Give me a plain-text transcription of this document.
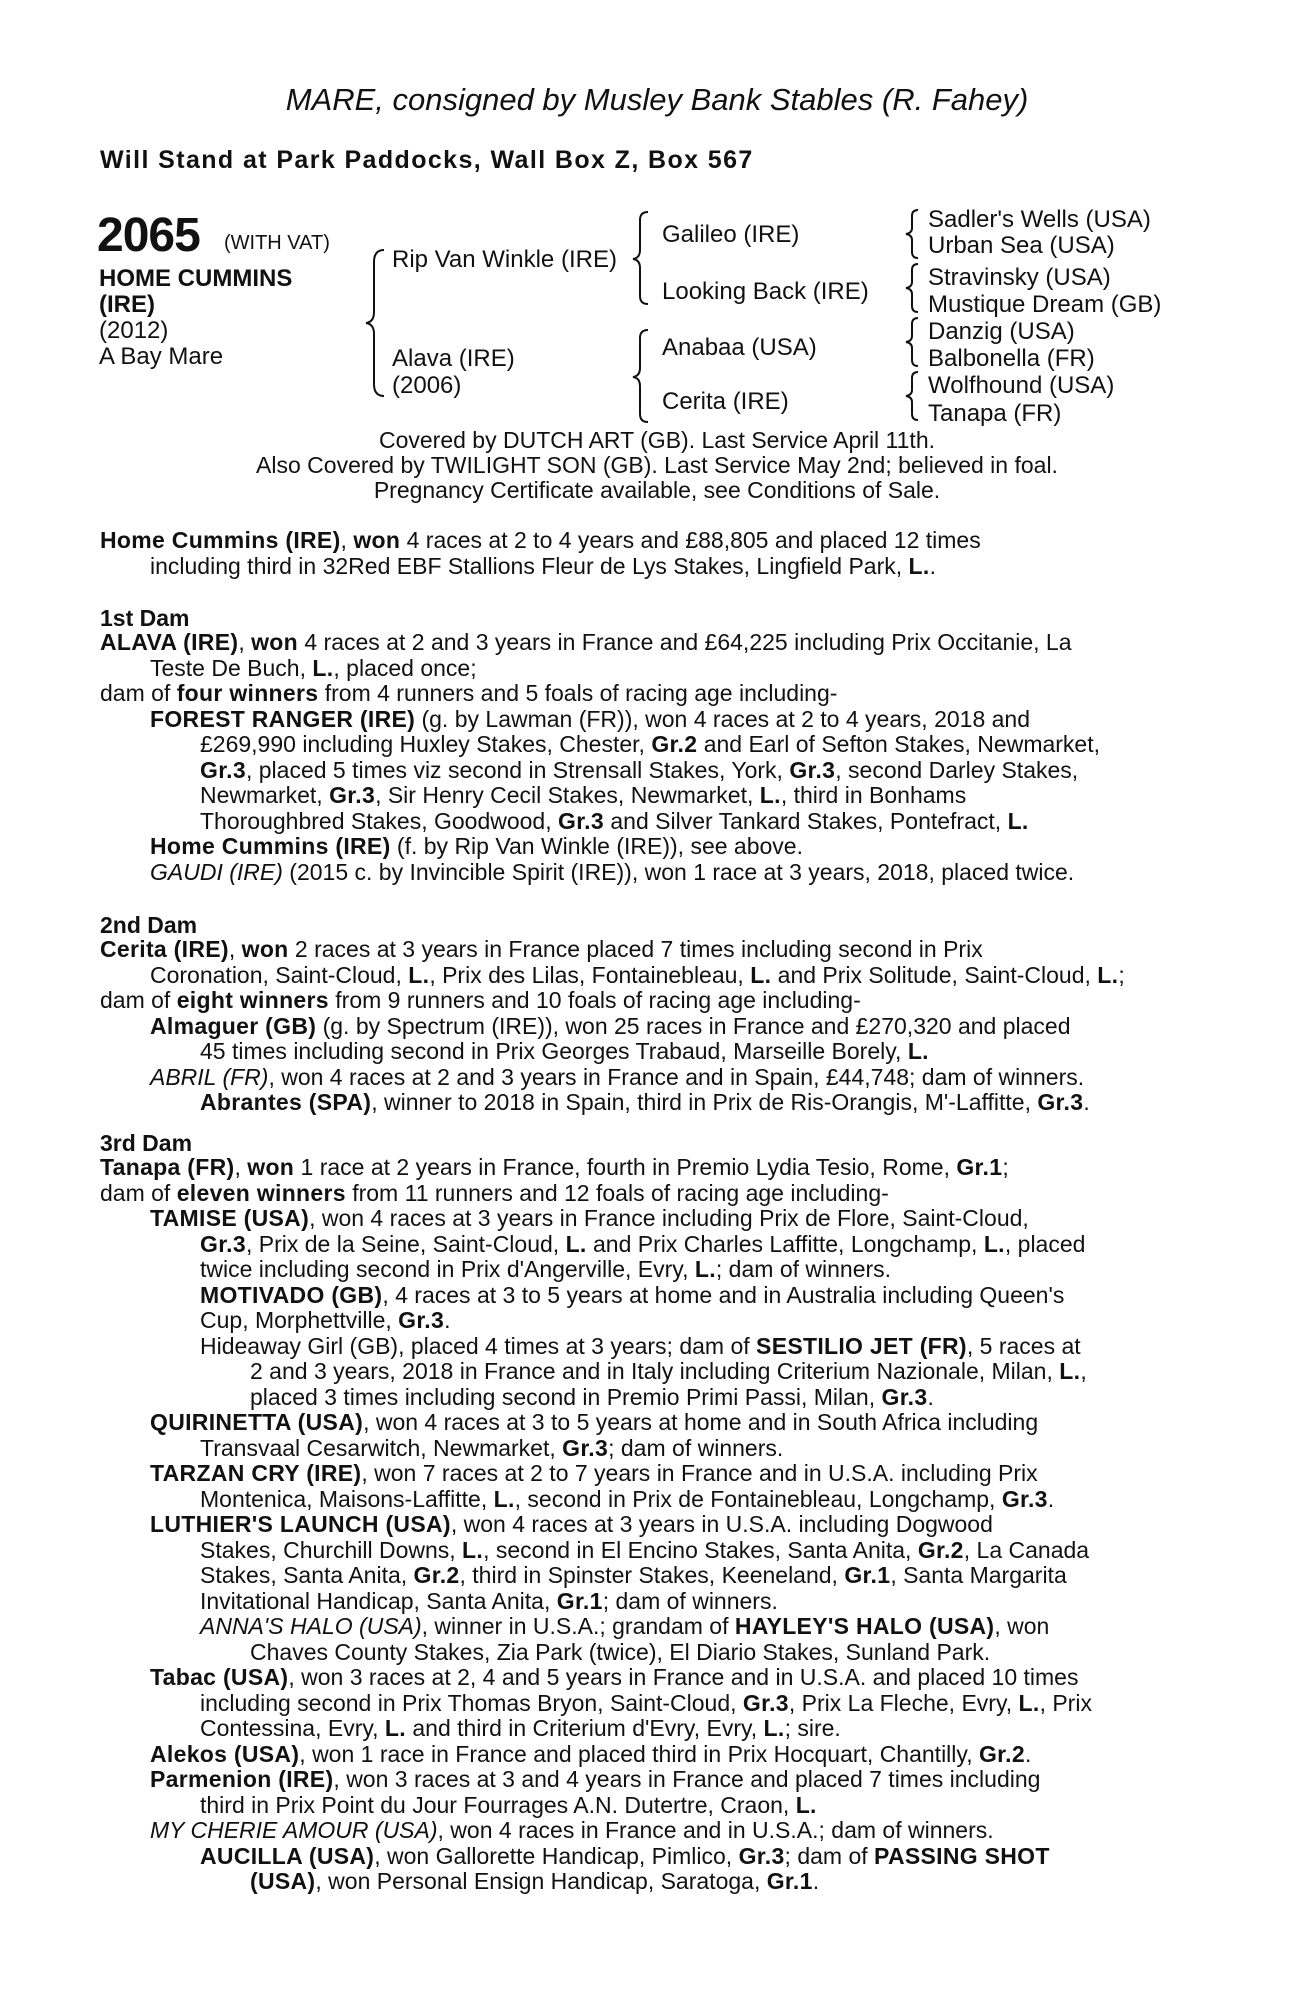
MARE, consigned by Musley Bank Stables (R. Fahey)
Will Stand at Park Paddocks, Wall Box Z, Box 567
2065 (WITH VAT)
HOME CUMMINS
(IRE)
(2012)
A Bay Mare
Rip Van Winkle (IRE)
Alava (IRE)
(2006)
Galileo (IRE)
Looking Back (IRE)
Anabaa (USA)
Cerita (IRE)
Sadler's Wells (USA)
Urban Sea (USA)
Stravinsky (USA)
Mustique Dream (GB)
Danzig (USA)
Balbonella (FR)
Wolfhound (USA)
Tanapa (FR)
Covered by DUTCH ART (GB). Last Service April 11th.
Also Covered by TWILIGHT SON (GB). Last Service May 2nd; believed in foal.
Pregnancy Certificate available, see Conditions of Sale.
Home Cummins (IRE), won 4 races at 2 to 4 years and £88,805 and placed 12 times
including third in 32Red EBF Stallions Fleur de Lys Stakes, Lingfield Park, L..
1st Dam
ALAVA (IRE), won 4 races at 2 and 3 years in France and £64,225 including Prix Occitanie, La
Teste De Buch, L., placed once;
dam of four winners from 4 runners and 5 foals of racing age including-
FOREST RANGER (IRE) (g. by Lawman (FR)), won 4 races at 2 to 4 years, 2018 and
£269,990 including Huxley Stakes, Chester, Gr.2 and Earl of Sefton Stakes, Newmarket,
Gr.3, placed 5 times viz second in Strensall Stakes, York, Gr.3, second Darley Stakes,
Newmarket, Gr.3, Sir Henry Cecil Stakes, Newmarket, L., third in Bonhams
Thoroughbred Stakes, Goodwood, Gr.3 and Silver Tankard Stakes, Pontefract, L.
Home Cummins (IRE) (f. by Rip Van Winkle (IRE)), see above.
GAUDI (IRE) (2015 c. by Invincible Spirit (IRE)), won 1 race at 3 years, 2018, placed twice.
2nd Dam
Cerita (IRE), won 2 races at 3 years in France placed 7 times including second in Prix
Coronation, Saint-Cloud, L., Prix des Lilas, Fontainebleau, L. and Prix Solitude, Saint-Cloud, L.;
dam of eight winners from 9 runners and 10 foals of racing age including-
Almaguer (GB) (g. by Spectrum (IRE)), won 25 races in France and £270,320 and placed
45 times including second in Prix Georges Trabaud, Marseille Borely, L.
ABRIL (FR), won 4 races at 2 and 3 years in France and in Spain, £44,748; dam of winners.
Abrantes (SPA), winner to 2018 in Spain, third in Prix de Ris-Orangis, M'-Laffitte, Gr.3.
3rd Dam
Tanapa (FR), won 1 race at 2 years in France, fourth in Premio Lydia Tesio, Rome, Gr.1;
dam of eleven winners from 11 runners and 12 foals of racing age including-
TAMISE (USA), won 4 races at 3 years in France including Prix de Flore, Saint-Cloud,
Gr.3, Prix de la Seine, Saint-Cloud, L. and Prix Charles Laffitte, Longchamp, L., placed
twice including second in Prix d'Angerville, Evry, L.; dam of winners.
MOTIVADO (GB), 4 races at 3 to 5 years at home and in Australia including Queen's
Cup, Morphettville, Gr.3.
Hideaway Girl (GB), placed 4 times at 3 years; dam of SESTILIO JET (FR), 5 races at
2 and 3 years, 2018 in France and in Italy including Criterium Nazionale, Milan, L.,
placed 3 times including second in Premio Primi Passi, Milan, Gr.3.
QUIRINETTA (USA), won 4 races at 3 to 5 years at home and in South Africa including
Transvaal Cesarwitch, Newmarket, Gr.3; dam of winners.
TARZAN CRY (IRE), won 7 races at 2 to 7 years in France and in U.S.A. including Prix
Montenica, Maisons-Laffitte, L., second in Prix de Fontainebleau, Longchamp, Gr.3.
LUTHIER'S LAUNCH (USA), won 4 races at 3 years in U.S.A. including Dogwood
Stakes, Churchill Downs, L., second in El Encino Stakes, Santa Anita, Gr.2, La Canada
Stakes, Santa Anita, Gr.2, third in Spinster Stakes, Keeneland, Gr.1, Santa Margarita
Invitational Handicap, Santa Anita, Gr.1; dam of winners.
ANNA'S HALO (USA), winner in U.S.A.; grandam of HAYLEY'S HALO (USA), won
Chaves County Stakes, Zia Park (twice), El Diario Stakes, Sunland Park.
Tabac (USA), won 3 races at 2, 4 and 5 years in France and in U.S.A. and placed 10 times
including second in Prix Thomas Bryon, Saint-Cloud, Gr.3, Prix La Fleche, Evry, L., Prix
Contessina, Evry, L. and third in Criterium d'Evry, Evry, L.; sire.
Alekos (USA), won 1 race in France and placed third in Prix Hocquart, Chantilly, Gr.2.
Parmenion (IRE), won 3 races at 3 and 4 years in France and placed 7 times including
third in Prix Point du Jour Fourrages A.N. Dutertre, Craon, L.
MY CHERIE AMOUR (USA), won 4 races in France and in U.S.A.; dam of winners.
AUCILLA (USA), won Gallorette Handicap, Pimlico, Gr.3; dam of PASSING SHOT
(USA), won Personal Ensign Handicap, Saratoga, Gr.1.
